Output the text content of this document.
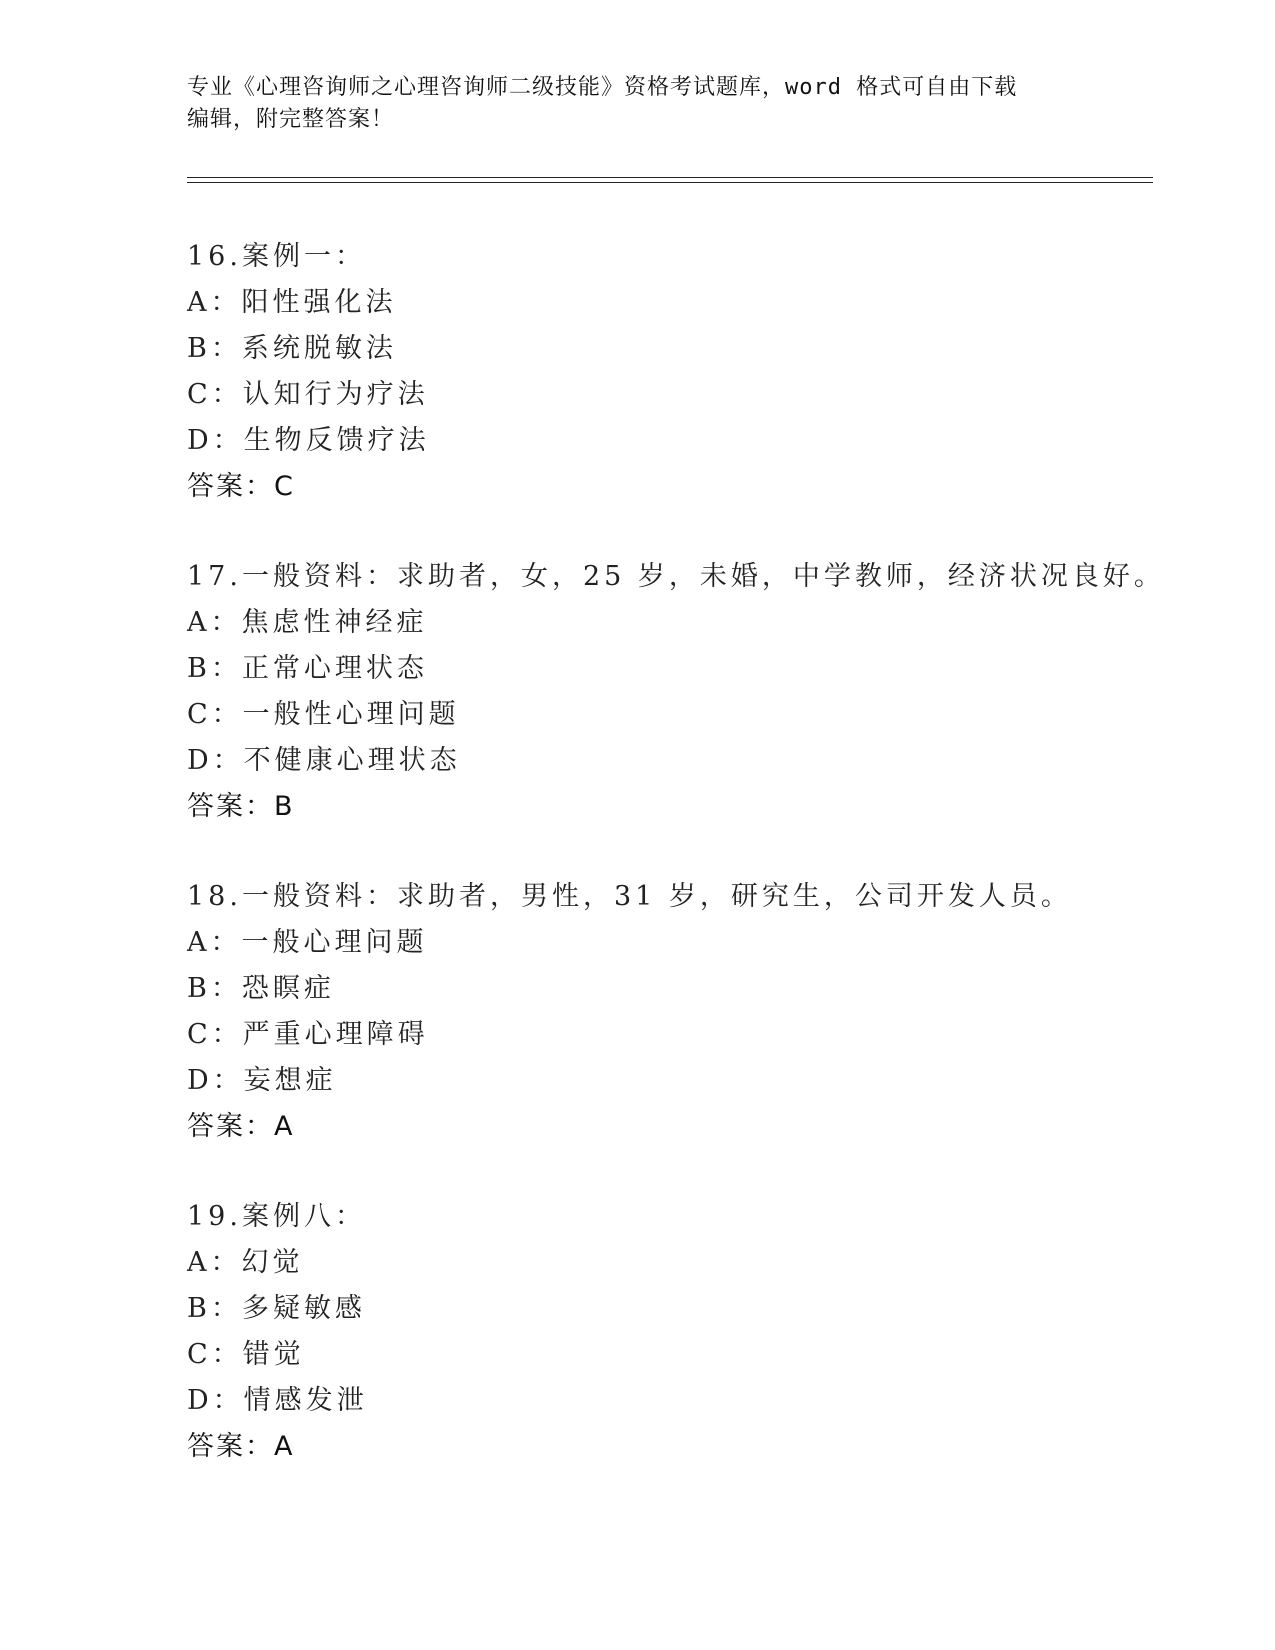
专业《心理咨询师之心理咨询师二级技能》资格考试题库，word 格式可自由下载
编辑，附完整答案！
16.案例一：
A：阳性强化法
B：系统脱敏法
C：认知行为疗法
D：生物反馈疗法
答案：C
17.一般资料：求助者，女，25 岁，未婚，中学教师，经济状况良好。
A：焦虑性神经症
B：正常心理状态
C：一般性心理问题
D：不健康心理状态
答案：B
18.一般资料：求助者，男性，31 岁，研究生，公司开发人员。
A：一般心理问题
B：恐瞑症
C：严重心理障碍
D：妄想症
答案：A
19.案例八：
A：幻觉
B：多疑敏感
C：错觉
D：情感发泄
答案：A
